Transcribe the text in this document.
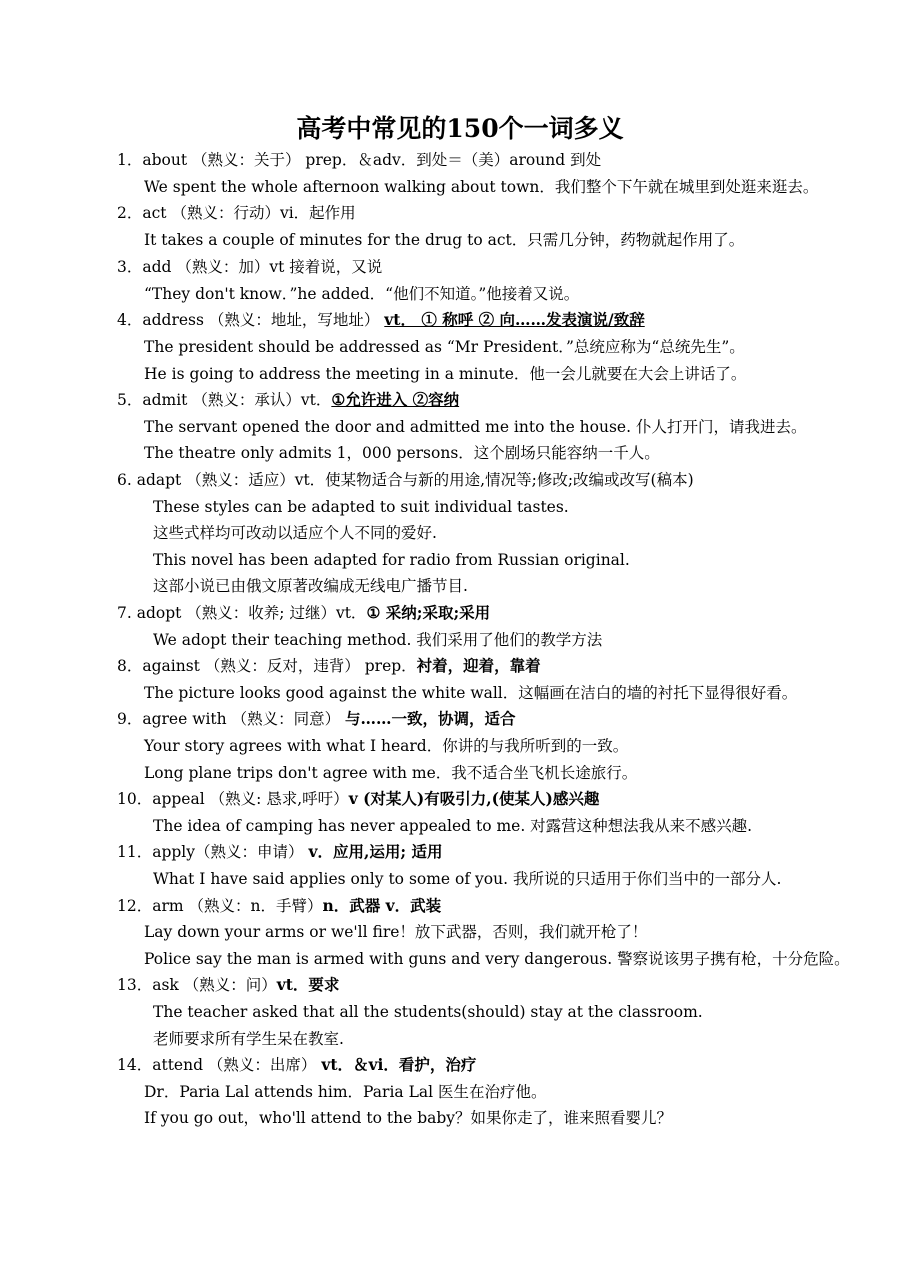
高考中常见的150个一词多义
1．about （熟义：关于） prep．＆adv．到处＝（美）around 到处
We spent the whole afternoon walking about town．我们整个下午就在城里到处逛来逛去。
2．act （熟义：行动）vi．起作用
It takes a couple of minutes for the drug to act．只需几分钟，药物就起作用了。
3．add （熟义：加）vt 接着说，又说
“They don't know．”he added．“他们不知道。”他接着又说。
4．address （熟义：地址，写地址） vt． ① 称呼 ② 向……发表演说/致辞
The president should be addressed as “Mr President．”总统应称为“总统先生”。
He is going to address the meeting in a minute．他一会儿就要在大会上讲话了。
5．admit （熟义：承认）vt．①允许进入 ②容纳
The servant opened the door and admitted me into the house. 仆人打开门，请我进去。
The theatre only admits 1，000 persons．这个剧场只能容纳一千人。
6. adapt （熟义：适应）vt．使某物适合与新的用途,情况等;修改;改编或改写(稿本)
These styles can be adapted to suit individual tastes.
这些式样均可改动以适应个人不同的爱好.
This novel has been adapted for radio from Russian original.
这部小说已由俄文原著改编成无线电广播节目.
7. adopt （熟义：收养; 过继）vt．① 采纳;采取;采用
We adopt their teaching method. 我们采用了他们的教学方法
8．against （熟义：反对，违背） prep．衬着，迎着，靠着
The picture looks good against the white wall．这幅画在洁白的墙的衬托下显得很好看。
9．agree with （熟义：同意） 与……一致，协调，适合
Your story agrees with what I heard．你讲的与我所听到的一致。
Long plane trips don't agree with me．我不适合坐飞机长途旅行。
10．appeal （熟义: 恳求,呼吁）v (对某人)有吸引力,(使某人)感兴趣
The idea of camping has never appealed to me. 对露营这种想法我从来不感兴趣.
11．apply（熟义：申请） v．应用,运用; 适用
What I have said applies only to some of you. 我所说的只适用于你们当中的一部分人.
12．arm （熟义：n．手臂）n．武器 v．武装
Lay down your arms or we'll fire！放下武器，否则，我们就开枪了！
Police say the man is armed with guns and very dangerous. 警察说该男子携有枪，十分危险。
13．ask （熟义：问）vt．要求
The teacher asked that all the students(should) stay at the classroom.
老师要求所有学生呆在教室.
14．attend （熟义：出席） vt．＆vi．看护，治疗
Dr．Paria Lal attends him．Paria Lal 医生在治疗他。
If you go out，who'll attend to the baby？如果你走了，谁来照看婴儿？
